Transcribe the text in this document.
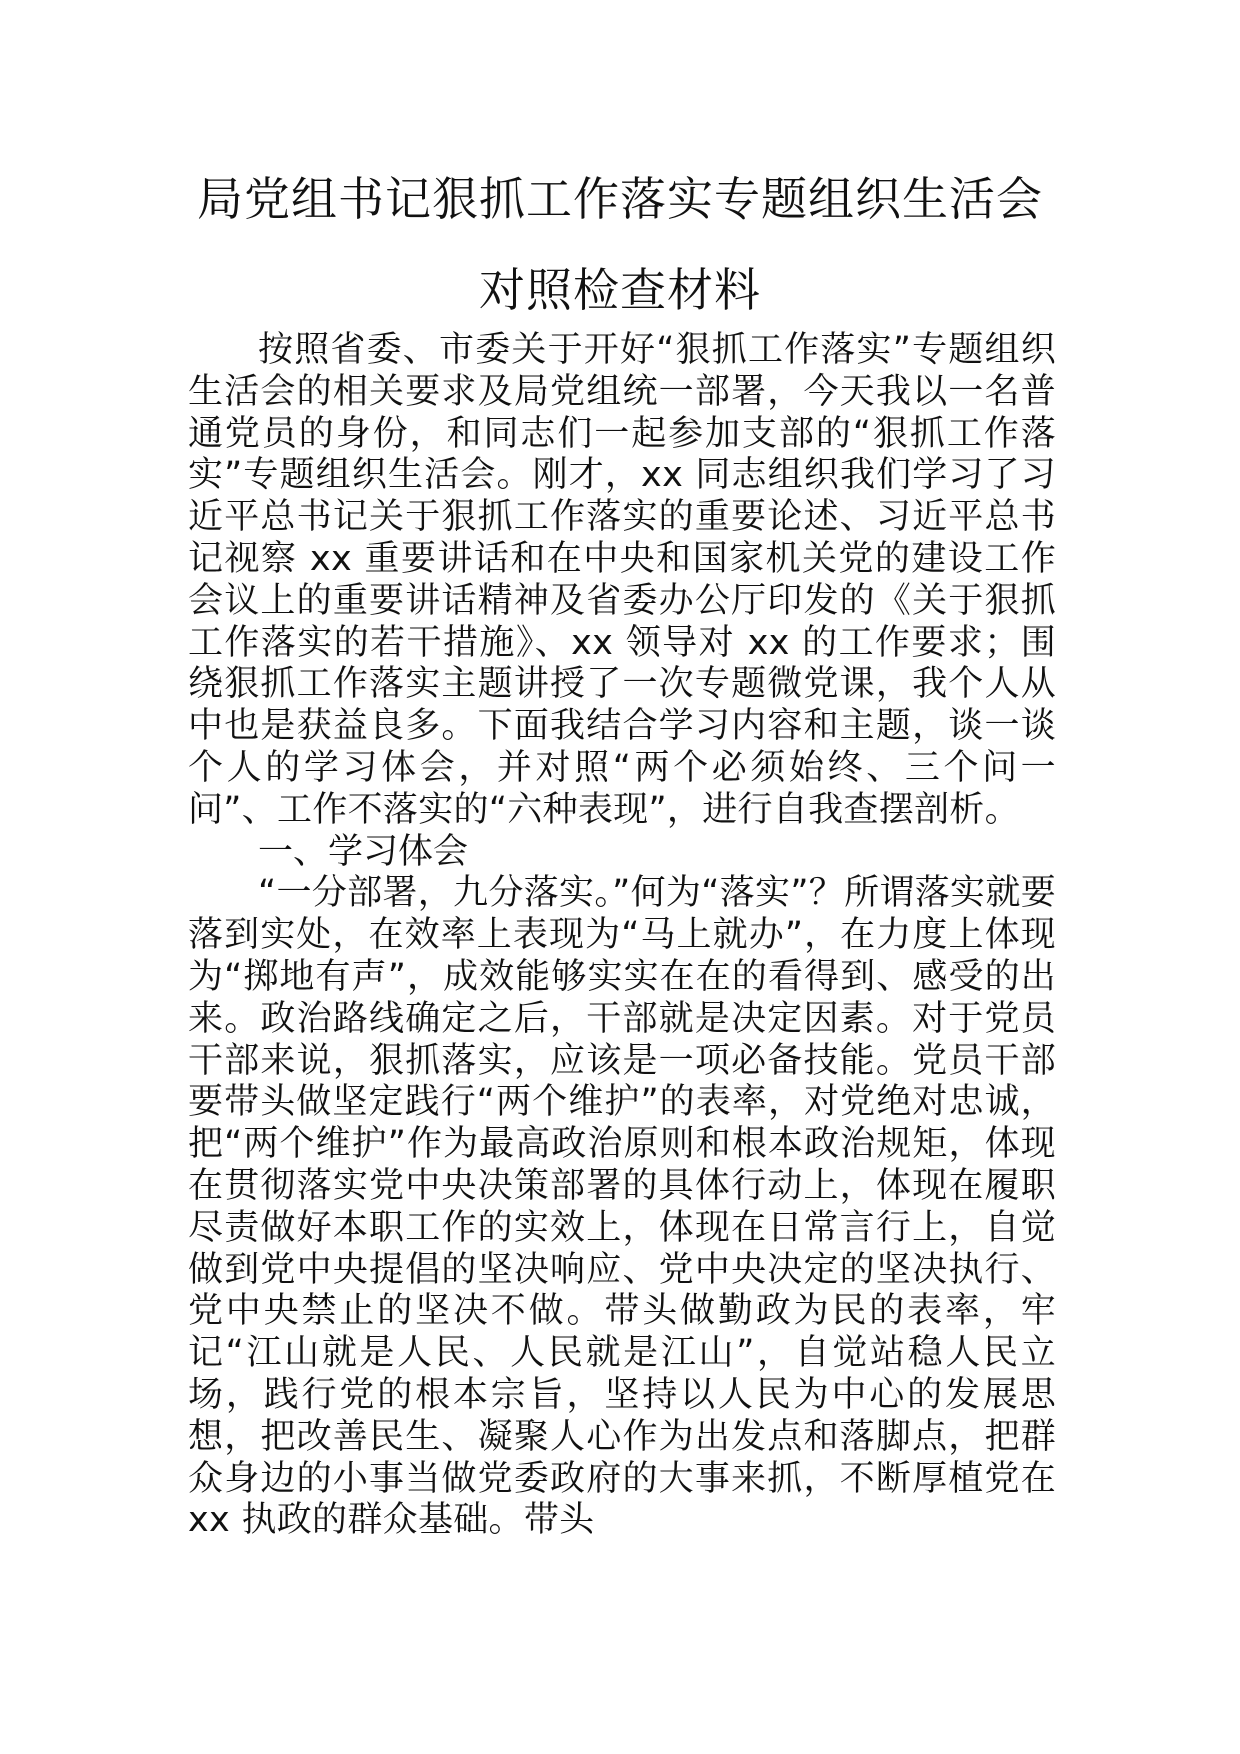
局党组书记狠抓工作落实专题组织生活会
对照检查材料

按照省委、市委关于开好“狠抓工作落实”专题组织生活会的相关要求及局党组统一部署，今天我以一名普通党员的身份，和同志们一起参加支部的“狠抓工作落实”专题组织生活会。刚才，xx 同志组织我们学习了习近平总书记关于狠抓工作落实的重要论述、习近平总书记视察 xx 重要讲话和在中央和国家机关党的建设工作会议上的重要讲话精神及省委办公厅印发的《关于狠抓工作落实的若干措施》、xx 领导对 xx 的工作要求；围绕狠抓工作落实主题讲授了一次专题微党课，我个人从中也是获益良多。下面我结合学习内容和主题，谈一谈个人的学习体会，并对照“两个必须始终、三个问一问”、工作不落实的“六种表现”，进行自我查摆剖析。

一、学习体会

“一分部署，九分落实。”何为“落实”？所谓落实就要落到实处，在效率上表现为“马上就办”，在力度上体现为“掷地有声”，成效能够实实在在的看得到、感受的出来。政治路线确定之后，干部就是决定因素。对于党员干部来说，狠抓落实，应该是一项必备技能。党员干部要带头做坚定践行“两个维护”的表率，对党绝对忠诚，把“两个维护”作为最高政治原则和根本政治规矩，体现在贯彻落实党中央决策部署的具体行动上，体现在履职尽责做好本职工作的实效上，体现在日常言行上，自觉做到党中央提倡的坚决响应、党中央决定的坚决执行、党中央禁止的坚决不做。带头做勤政为民的表率，牢记“江山就是人民、人民就是江山”，自觉站稳人民立场，践行党的根本宗旨，坚持以人民为中心的发展思想，把改善民生、凝聚人心作为出发点和落脚点，把群众身边的小事当做党委政府的大事来抓，不断厚植党在 xx 执政的群众基础。带头
